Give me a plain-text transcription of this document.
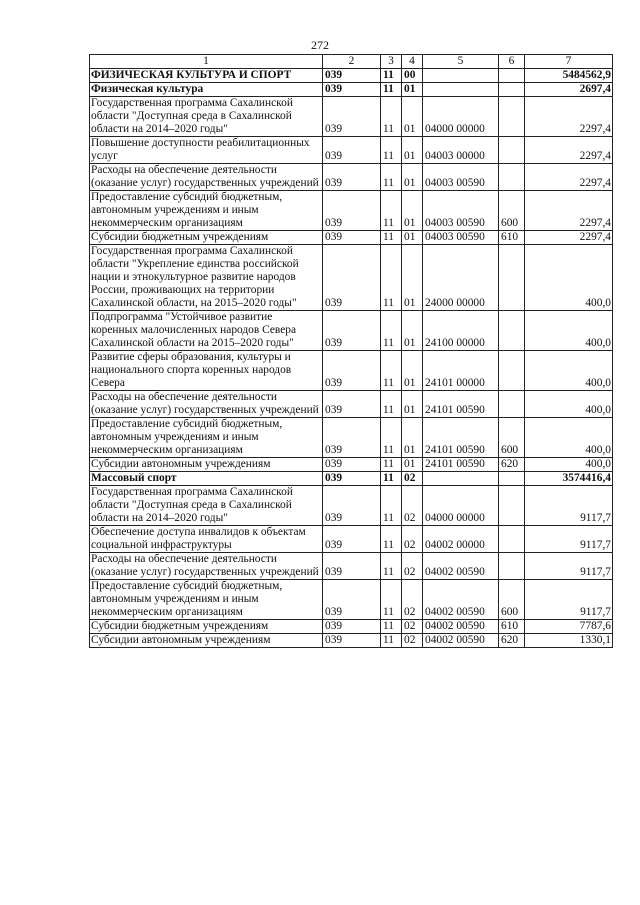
272
1	2	3	4	5	6	7
ФИЗИЧЕСКАЯ КУЛЬТУРА И СПОРТ	039	11	00			5484562,9
Физическая культура	039	11	01			2697,4
Государственная программа Сахалинской области "Доступная среда в Сахалинской области на 2014–2020 годы"	039	11	01	04000 00000		2297,4
Повышение доступности реабилитационных услуг	039	11	01	04003 00000		2297,4
Расходы на обеспечение деятельности (оказание услуг) государственных учреждений	039	11	01	04003 00590		2297,4
Предоставление субсидий бюджетным, автономным учреждениям и иным некоммерческим организациям	039	11	01	04003 00590	600	2297,4
Субсидии бюджетным учреждениям	039	11	01	04003 00590	610	2297,4
Государственная программа Сахалинской области "Укрепление единства российской нации и этнокультурное развитие народов России, проживающих на территории Сахалинской области, на 2015–2020 годы"	039	11	01	24000 00000		400,0
Подпрограмма "Устойчивое развитие коренных малочисленных народов Севера Сахалинской области на 2015–2020 годы"	039	11	01	24100 00000		400,0
Развитие сферы образования, культуры и национального спорта коренных народов Севера	039	11	01	24101 00000		400,0
Расходы на обеспечение деятельности (оказание услуг) государственных учреждений	039	11	01	24101 00590		400,0
Предоставление субсидий бюджетным, автономным учреждениям и иным некоммерческим организациям	039	11	01	24101 00590	600	400,0
Субсидии автономным учреждениям	039	11	01	24101 00590	620	400,0
Массовый спорт	039	11	02			3574416,4
Государственная программа Сахалинской области "Доступная среда в Сахалинской области на 2014–2020 годы"	039	11	02	04000 00000		9117,7
Обеспечение доступа инвалидов к объектам социальной инфраструктуры	039	11	02	04002 00000		9117,7
Расходы на обеспечение деятельности (оказание услуг) государственных учреждений	039	11	02	04002 00590		9117,7
Предоставление субсидий бюджетным, автономным учреждениям и иным некоммерческим организациям	039	11	02	04002 00590	600	9117,7
Субсидии бюджетным учреждениям	039	11	02	04002 00590	610	7787,6
Субсидии автономным учреждениям	039	11	02	04002 00590	620	1330,1
